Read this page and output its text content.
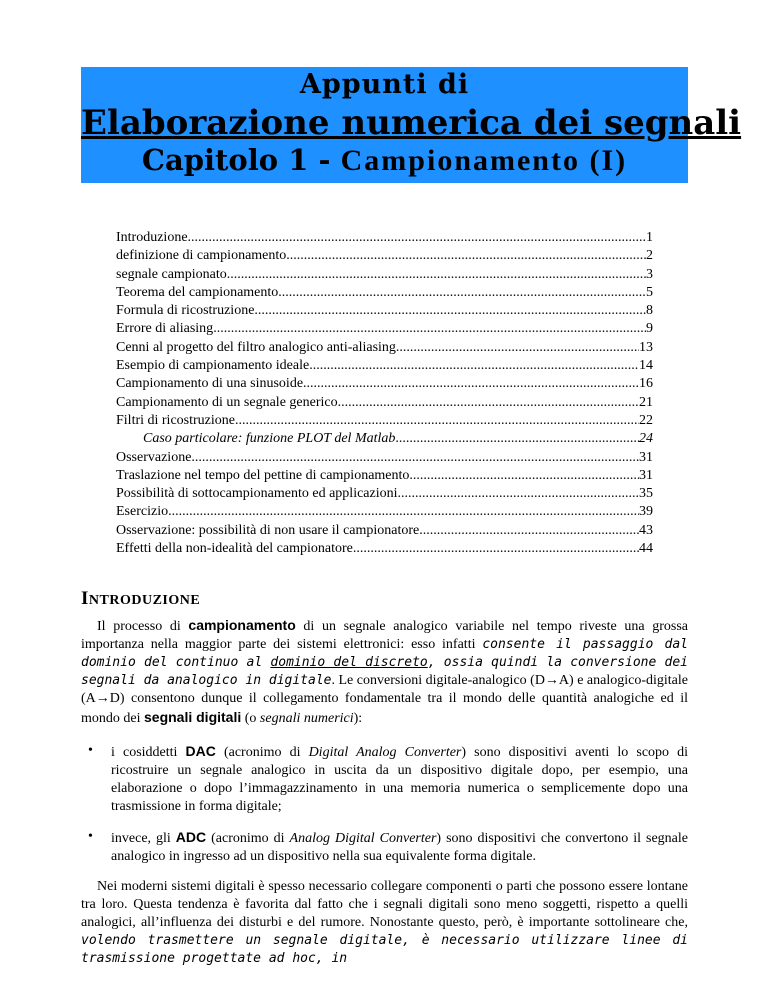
Appunti di
Elaborazione numerica dei segnali
Capitolo 1 - Campionamento (I)
Introduzione .....	1
definizione di campionamento .....	2
segnale campionato .....	3
Teorema del campionamento .....	5
Formula di ricostruzione .....	8
Errore di aliasing .....	9
Cenni al progetto del filtro analogico anti-aliasing .....	13
Esempio di campionamento ideale .....	14
Campionamento di una sinusoide .....	16
Campionamento di un segnale generico .....	21
Filtri di ricostruzione .....	22
Caso particolare: funzione PLOT del Matlab .....	24
Osservazione .....	31
Traslazione nel tempo del pettine di campionamento .....	31
Possibilità di sottocampionamento ed applicazioni .....	35
Esercizio .....	39
Osservazione: possibilità di non usare il campionatore .....	43
Effetti della non-idealità del campionatore .....	44
INTRODUZIONE

Il processo di campionamento di un segnale analogico variabile nel tempo riveste una grossa importanza nella maggior parte dei sistemi elettronici: esso infatti consente il passaggio dal dominio del continuo al dominio del discreto, ossia quindi la conversione dei segnali da analogico in digitale. Le conversioni digitale-analogico (D→A) e analogico-digitale (A→D) consentono dunque il collegamento fondamentale tra il mondo delle quantità analogiche ed il mondo dei segnali digitali (o segnali numerici):

• i cosiddetti DAC (acronimo di Digital Analog Converter) sono dispositivi aventi lo scopo di ricostruire un segnale analogico in uscita da un dispositivo digitale dopo, per esempio, una elaborazione o dopo l’immagazzinamento in una memoria numerica o semplicemente dopo una trasmissione in forma digitale;
• invece, gli ADC (acronimo di Analog Digital Converter) sono dispositivi che convertono il segnale analogico in ingresso ad un dispositivo nella sua equivalente forma digitale.

Nei moderni sistemi digitali è spesso necessario collegare componenti o parti che possono essere lontane tra loro. Questa tendenza è favorita dal fatto che i segnali digitali sono meno soggetti, rispetto a quelli analogici, all’influenza dei disturbi e del rumore. Nonostante questo, però, è importante sottolineare che, volendo trasmettere un segnale digitale, è necessario utilizzare linee di trasmissione progettate ad hoc, in
